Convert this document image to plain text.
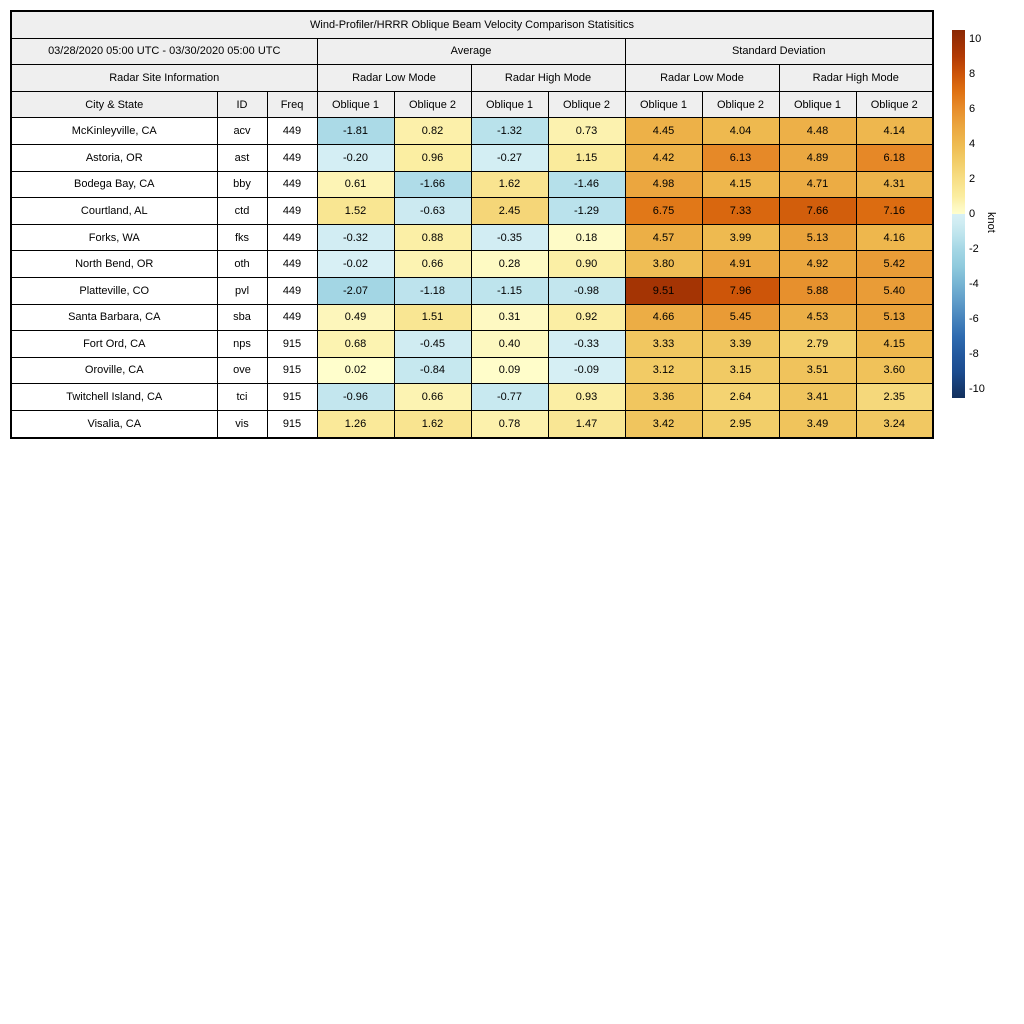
Wind-Profiler/HRRR Oblique Beam Velocity Comparison Statisitics										
03/28/2020 05:00 UTC - 03/30/2020 05:00 UTC			Average				Standard Deviation			
Radar Site Information			Radar Low Mode		Radar High Mode		Radar Low Mode		Radar High Mode	
City & State	ID	Freq	Oblique 1	Oblique 2	Oblique 1	Oblique 2	Oblique 1	Oblique 2	Oblique 1	Oblique 2
McKinleyville, CA	acv	449	-1.81	0.82	-1.32	0.73	4.45	4.04	4.48	4.14
Astoria, OR	ast	449	-0.20	0.96	-0.27	1.15	4.42	6.13	4.89	6.18
Bodega Bay, CA	bby	449	0.61	-1.66	1.62	-1.46	4.98	4.15	4.71	4.31
Courtland, AL	ctd	449	1.52	-0.63	2.45	-1.29	6.75	7.33	7.66	7.16
Forks, WA	fks	449	-0.32	0.88	-0.35	0.18	4.57	3.99	5.13	4.16
North Bend, OR	oth	449	-0.02	0.66	0.28	0.90	3.80	4.91	4.92	5.42
Platteville, CO	pvl	449	-2.07	-1.18	-1.15	-0.98	9.51	7.96	5.88	5.40
Santa Barbara, CA	sba	449	0.49	1.51	0.31	0.92	4.66	5.45	4.53	5.13
Fort Ord, CA	nps	915	0.68	-0.45	0.40	-0.33	3.33	3.39	2.79	4.15
Oroville, CA	ove	915	0.02	-0.84	0.09	-0.09	3.12	3.15	3.51	3.60
Twitchell Island, CA	tci	915	-0.96	0.66	-0.77	0.93	3.36	2.64	3.41	2.35
Visalia, CA	vis	915	1.26	1.62	0.78	1.47	3.42	2.95	3.49	3.24
10
8
6
4
2
0
-2
-4
-6
-8
-10
knot
